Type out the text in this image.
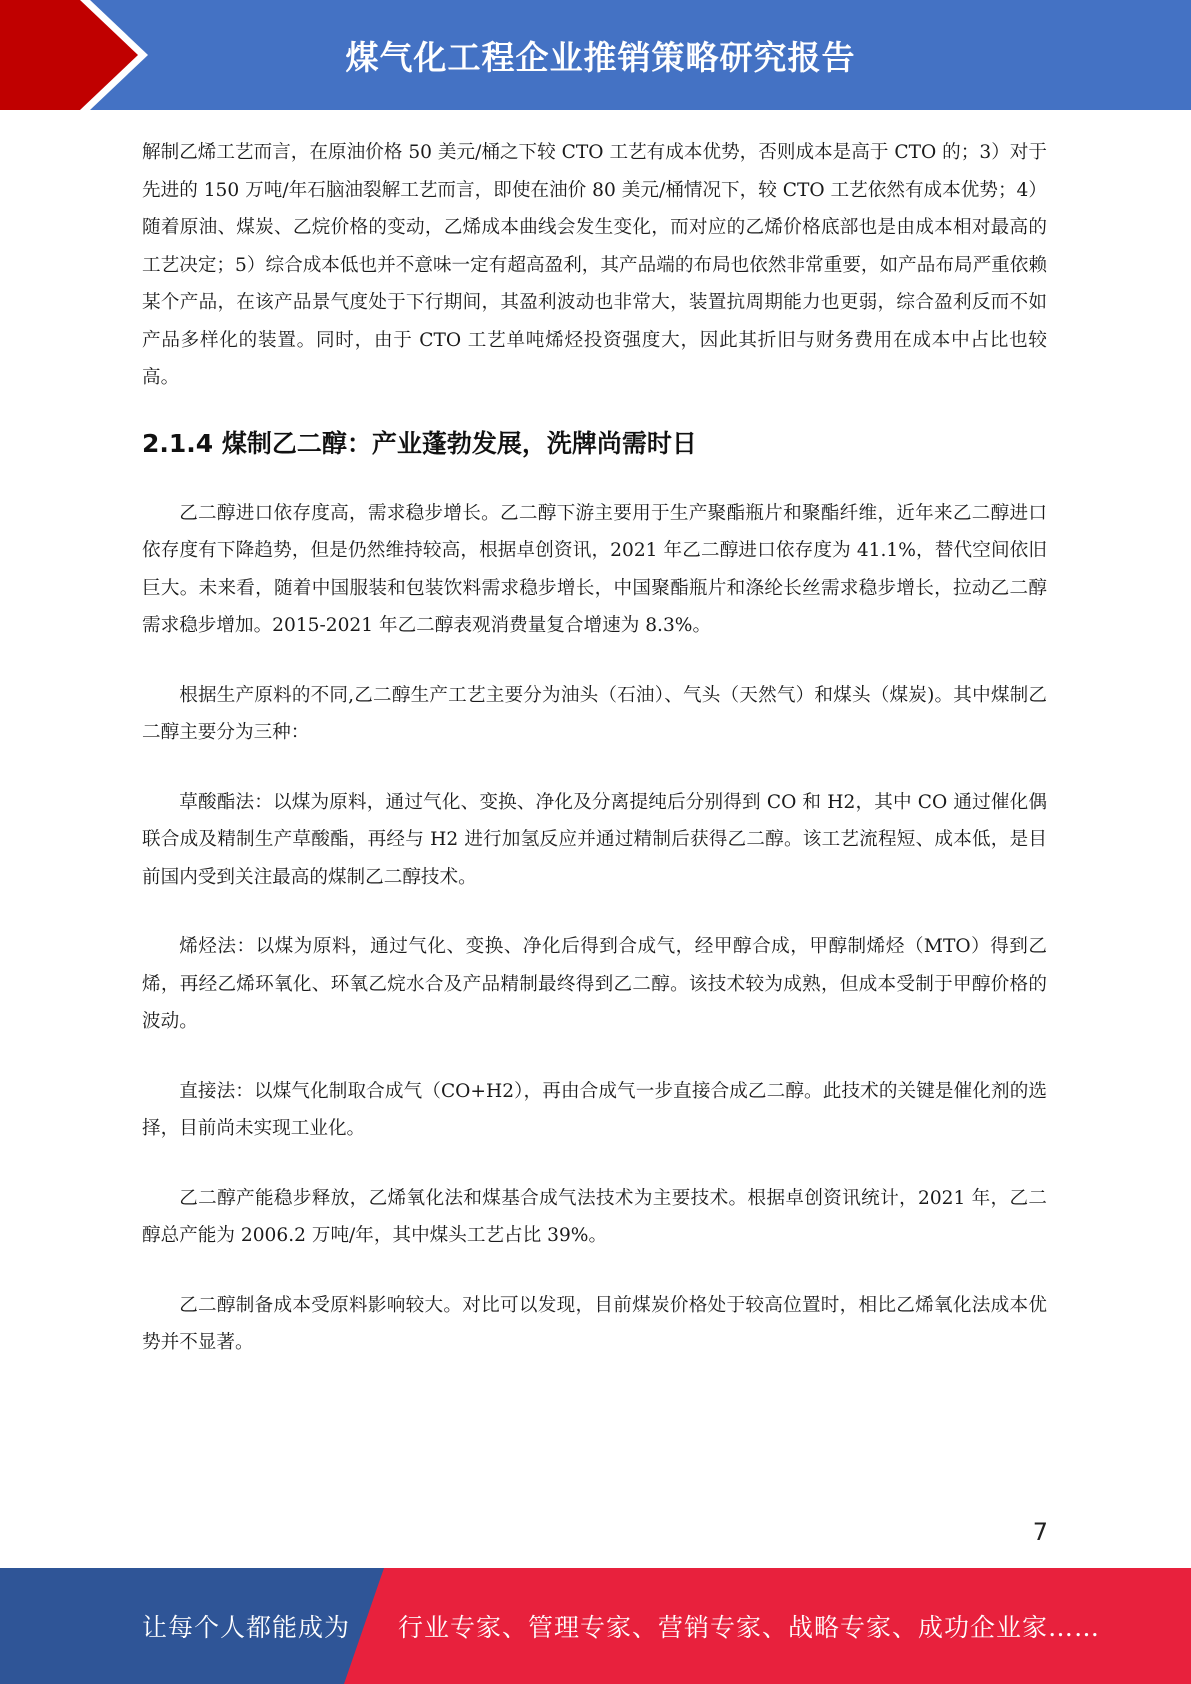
煤气化工程企业推销策略研究报告

解制乙烯工艺而言，在原油价格 50 美元/桶之下较 CTO 工艺有成本优势，否则成本是高于 CTO 的；3）对于先进的 150 万吨/年石脑油裂解工艺而言，即使在油价 80 美元/桶情况下，较 CTO 工艺依然有成本优势；4）随着原油、煤炭、乙烷价格的变动，乙烯成本曲线会发生变化，而对应的乙烯价格底部也是由成本相对最高的工艺决定；5）综合成本低也并不意味一定有超高盈利，其产品端的布局也依然非常重要，如产品布局严重依赖某个产品，在该产品景气度处于下行期间，其盈利波动也非常大，装置抗周期能力也更弱，综合盈利反而不如产品多样化的装置。同时，由于 CTO 工艺单吨烯烃投资强度大，因此其折旧与财务费用在成本中占比也较高。

2.1.4 煤制乙二醇：产业蓬勃发展，洗牌尚需时日

乙二醇进口依存度高，需求稳步增长。乙二醇下游主要用于生产聚酯瓶片和聚酯纤维，近年来乙二醇进口依存度有下降趋势，但是仍然维持较高，根据卓创资讯，2021 年乙二醇进口依存度为 41.1%，替代空间依旧巨大。未来看，随着中国服装和包装饮料需求稳步增长，中国聚酯瓶片和涤纶长丝需求稳步增长，拉动乙二醇需求稳步增加。2015-2021 年乙二醇表观消费量复合增速为 8.3%。

根据生产原料的不同,乙二醇生产工艺主要分为油头（石油）、气头（天然气）和煤头（煤炭)。其中煤制乙二醇主要分为三种：

草酸酯法：以煤为原料，通过气化、变换、净化及分离提纯后分别得到 CO 和 H2，其中 CO 通过催化偶联合成及精制生产草酸酯，再经与 H2 进行加氢反应并通过精制后获得乙二醇。该工艺流程短、成本低，是目前国内受到关注最高的煤制乙二醇技术。

烯烃法：以煤为原料，通过气化、变换、净化后得到合成气，经甲醇合成，甲醇制烯烃（MTO）得到乙烯，再经乙烯环氧化、环氧乙烷水合及产品精制最终得到乙二醇。该技术较为成熟，但成本受制于甲醇价格的波动。

直接法：以煤气化制取合成气（CO+H2），再由合成气一步直接合成乙二醇。此技术的关键是催化剂的选择，目前尚未实现工业化。

乙二醇产能稳步释放，乙烯氧化法和煤基合成气法技术为主要技术。根据卓创资讯统计，2021 年，乙二醇总产能为 2006.2 万吨/年，其中煤头工艺占比 39%。

乙二醇制备成本受原料影响较大。对比可以发现，目前煤炭价格处于较高位置时，相比乙烯氧化法成本优势并不显著。

7
让每个人都能成为 行业专家、管理专家、营销专家、战略专家、成功企业家……
